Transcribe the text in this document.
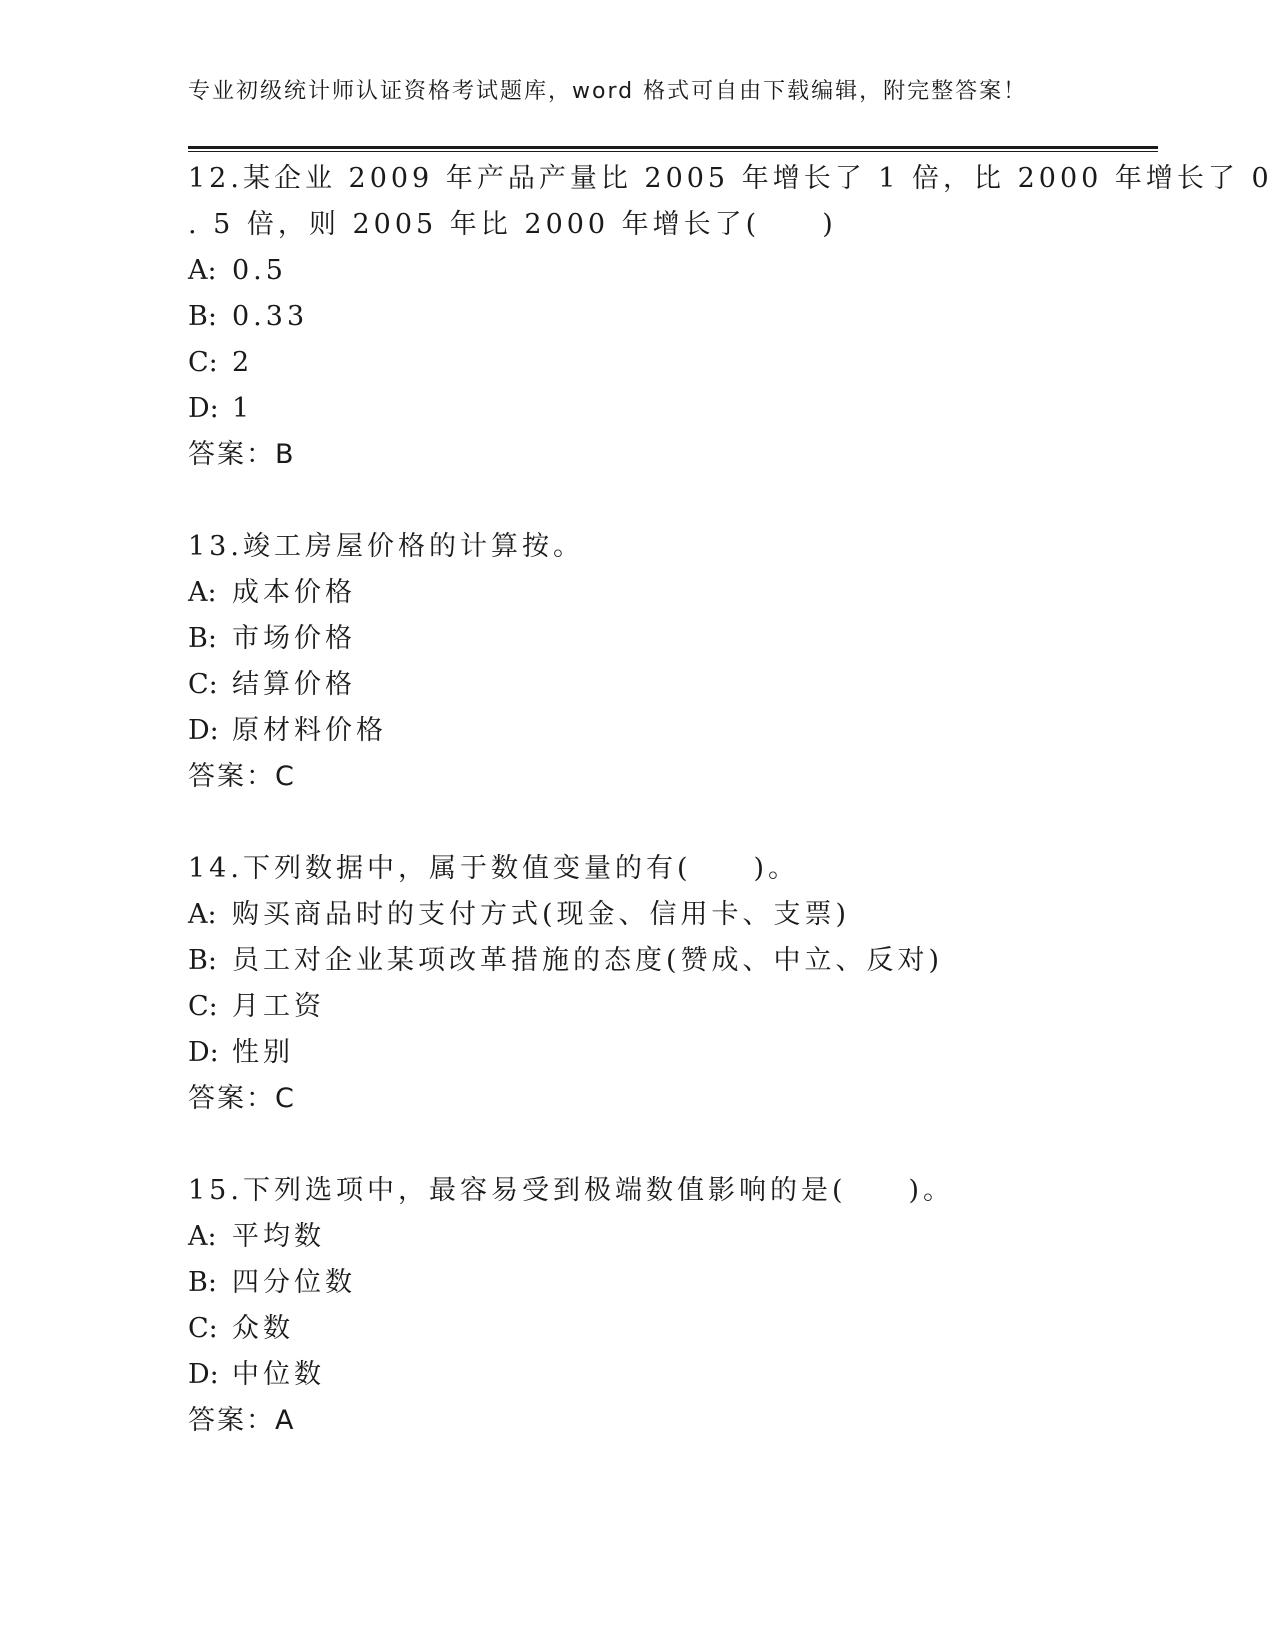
专业初级统计师认证资格考试题库，word 格式可自由下载编辑，附完整答案！
12.某企业 2009 年产品产量比 2005 年增长了 1 倍，比 2000 年增长了 0
. 5 倍，则 2005 年比 2000 年增长了(　　)
A: 0.5
B: 0.33
C: 2
D: 1
答案：B
13.竣工房屋价格的计算按。
A: 成本价格
B: 市场价格
C: 结算价格
D: 原材料价格
答案：C
14.下列数据中，属于数值变量的有(　　)。
A: 购买商品时的支付方式(现金、信用卡、支票)
B: 员工对企业某项改革措施的态度(赞成、中立、反对)
C: 月工资
D: 性别
答案：C
15.下列选项中，最容易受到极端数值影响的是(　　)。
A: 平均数
B: 四分位数
C: 众数
D: 中位数
答案：A
